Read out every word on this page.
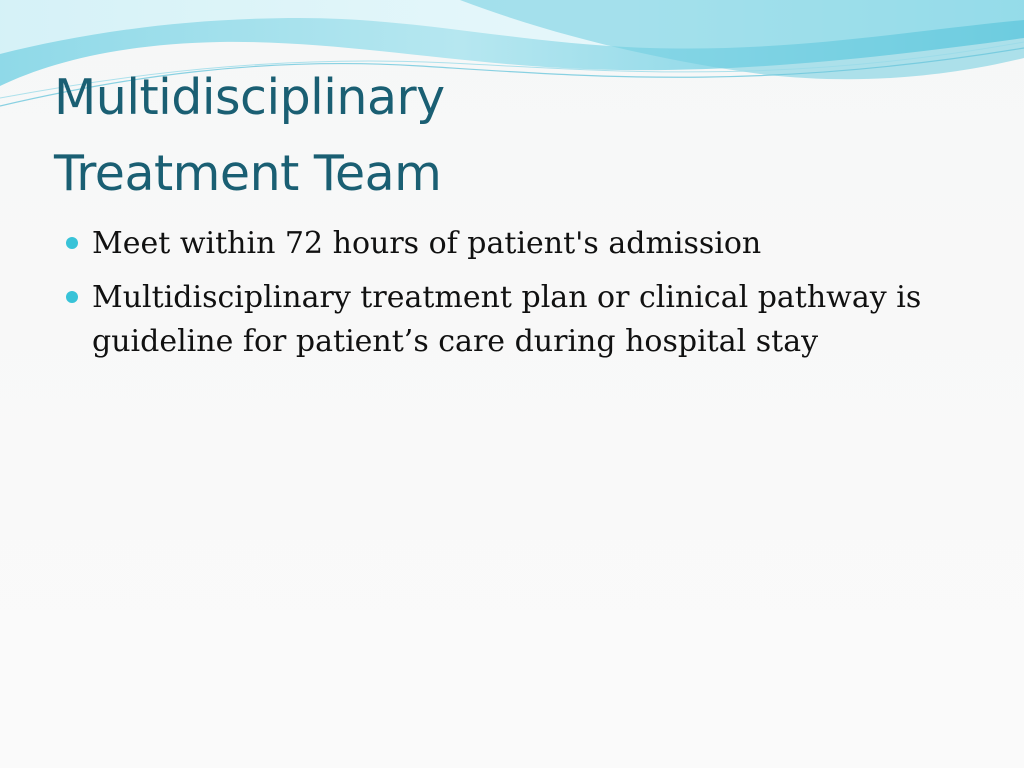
Multidisciplinary
Treatment Team
Meet within 72 hours of patient's admission
Multidisciplinary treatment plan or clinical pathway is guideline for patient’s care during hospital stay
